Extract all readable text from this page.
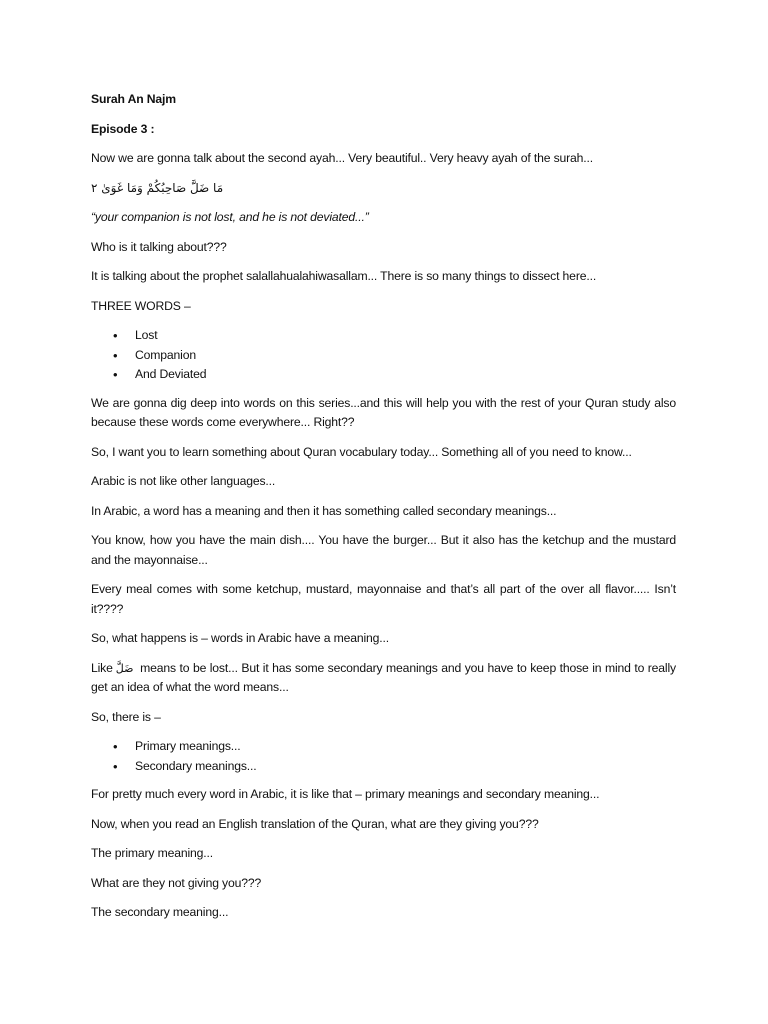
Surah An Najm
Episode 3 :
Now we are gonna talk about the second ayah... Very beautiful.. Very heavy ayah of the surah...
مَا ضَلَّ صَاحِبُكُمْ وَمَا غَوَىٰ ٢
“your companion is not lost, and he is not deviated...”
Who is it talking about???
It is talking about the prophet salallahualahiwasallam... There is so many things to dissect here...
THREE WORDS –
• Lost
• Companion
• And Deviated
We are gonna dig deep into words on this series...and this will help you with the rest of your Quran study also because these words come everywhere... Right??
So, I want you to learn something about Quran vocabulary today... Something all of you need to know...
Arabic is not like other languages...
In Arabic, a word has a meaning and then it has something called secondary meanings...
You know, how you have the main dish.... You have the burger... But it also has the ketchup and the mustard and the mayonnaise...
Every meal comes with some ketchup, mustard, mayonnaise and that’s all part of the over all flavor..... Isn’t it????
So, what happens is – words in Arabic have a meaning...
Like ضَلَّ means to be lost... But it has some secondary meanings and you have to keep those in mind to really get an idea of what the word means...
So, there is –
• Primary meanings...
• Secondary meanings...
For pretty much every word in Arabic, it is like that – primary meanings and secondary meaning...
Now, when you read an English translation of the Quran, what are they giving you???
The primary meaning...
What are they not giving you???
The secondary meaning...
